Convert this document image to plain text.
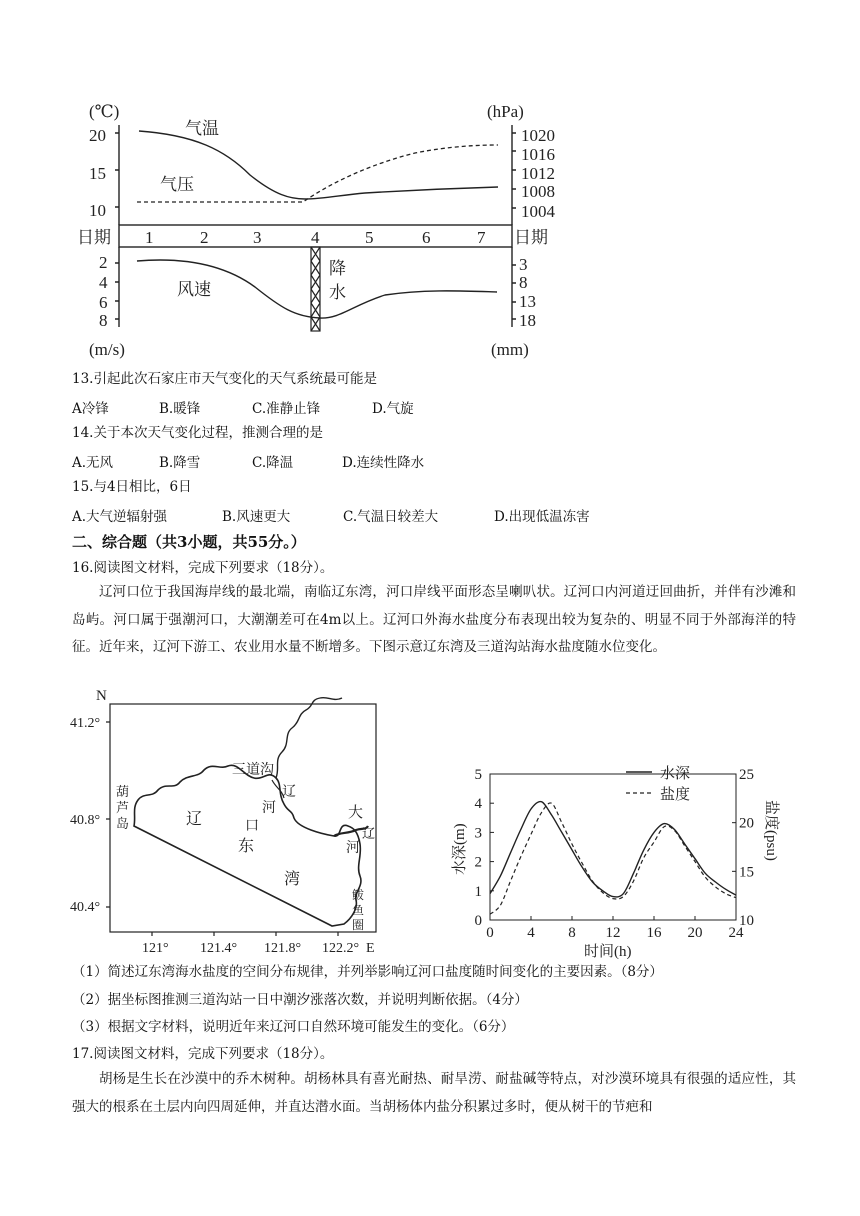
(℃)	(hPa)
20
15
10
1020
1016
1012
1008
1004
气温
气压
日期	日期
1	2	3	4	5	6	7
2
4
6
8
3
8
13
18
风速
降
水
(m/s)	(mm)
13.引起此次石家庄市天气变化的天气系统最可能是
A冷锋	B.暖锋	C.准静止锋	D.气旋
14.关于本次天气变化过程，推测合理的是
A.无风	B.降雪	C.降温	D.连续性降水
15.与4日相比，6日
A.大气逆辐射强	B.风速更大	C.气温日较差大	D.出现低温冻害
二、综合题（共3小题，共55分。）
16.阅读图文材料，完成下列要求（18分）。
辽河口位于我国海岸线的最北端，南临辽东湾，河口岸线平面形态呈喇叭状。辽河口内河道迂回曲折，并伴有沙滩和岛屿。河口属于强潮河口，大潮潮差可在4m以上。辽河口外海水盐度分布表现出较为复杂的、明显不同于外部海洋的特征。近年来，辽河下游工、农业用水量不断增多。下图示意辽东湾及三道沟站海水盐度随水位变化。
N
41.2°
40.8°
40.4°
121° 121.4° 121.8° 122.2° E
三道沟
葫
芦
岛
辽
河
口
大
辽
河
鲅
鱼
圈
辽
东
湾
0
1
2
3
4
5
10
15
20
25
0 4 8 12 16 20 24
时间(h)
水深(m)	盐度(psu)
水深
盐度
（1）简述辽东湾海水盐度的空间分布规律，并列举影响辽河口盐度随时间变化的主要因素。（8分）
（2）据坐标图推测三道沟站一日中潮汐涨落次数，并说明判断依据。（4分）
（3）根据文字材料，说明近年来辽河口自然环境可能发生的变化。（6分）
17.阅读图文材料，完成下列要求（18分）。
胡杨是生长在沙漠中的乔木树种。胡杨林具有喜光耐热、耐旱涝、耐盐碱等特点，对沙漠环境具有很强的适应性，其强大的根系在土层内向四周延伸，并直达潜水面。当胡杨体内盐分积累过多时，便从树干的节疤和
